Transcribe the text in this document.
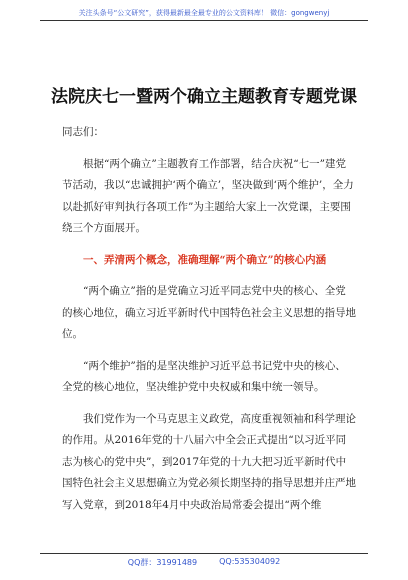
关注头条号“公文研究”，获得最新最全最专业的公文资料库！ 微信：gongwenyj
法院庆七一暨两个确立主题教育专题党课

同志们：

根据“两个确立”主题教育工作部署，结合庆祝“七一”建党节活动，我以“忠诚拥护‘两个确立’，坚决做到‘两个维护’，全力以赴抓好审判执行各项工作”为主题给大家上一次党课，主要围绕三个方面展开。

一、弄清两个概念，准确理解“两个确立”的核心内涵

“两个确立”指的是党确立习近平同志党中央的核心、全党的核心地位，确立习近平新时代中国特色社会主义思想的指导地位。

“两个维护”指的是坚决维护习近平总书记党中央的核心、全党的核心地位，坚决维护党中央权威和集中统一领导。

我们党作为一个马克思主义政党，高度重视领袖和科学理论的作用。从2016年党的十八届六中全会正式提出“以习近平同志为核心的党中央”，到2017年党的十九大把习近平新时代中国特色社会主义思想确立为党必须长期坚持的指导思想并庄严地写入党章，到2018年4月中央政治局常委会提出“两个维

QQ群：31991489	QQ:535304092
